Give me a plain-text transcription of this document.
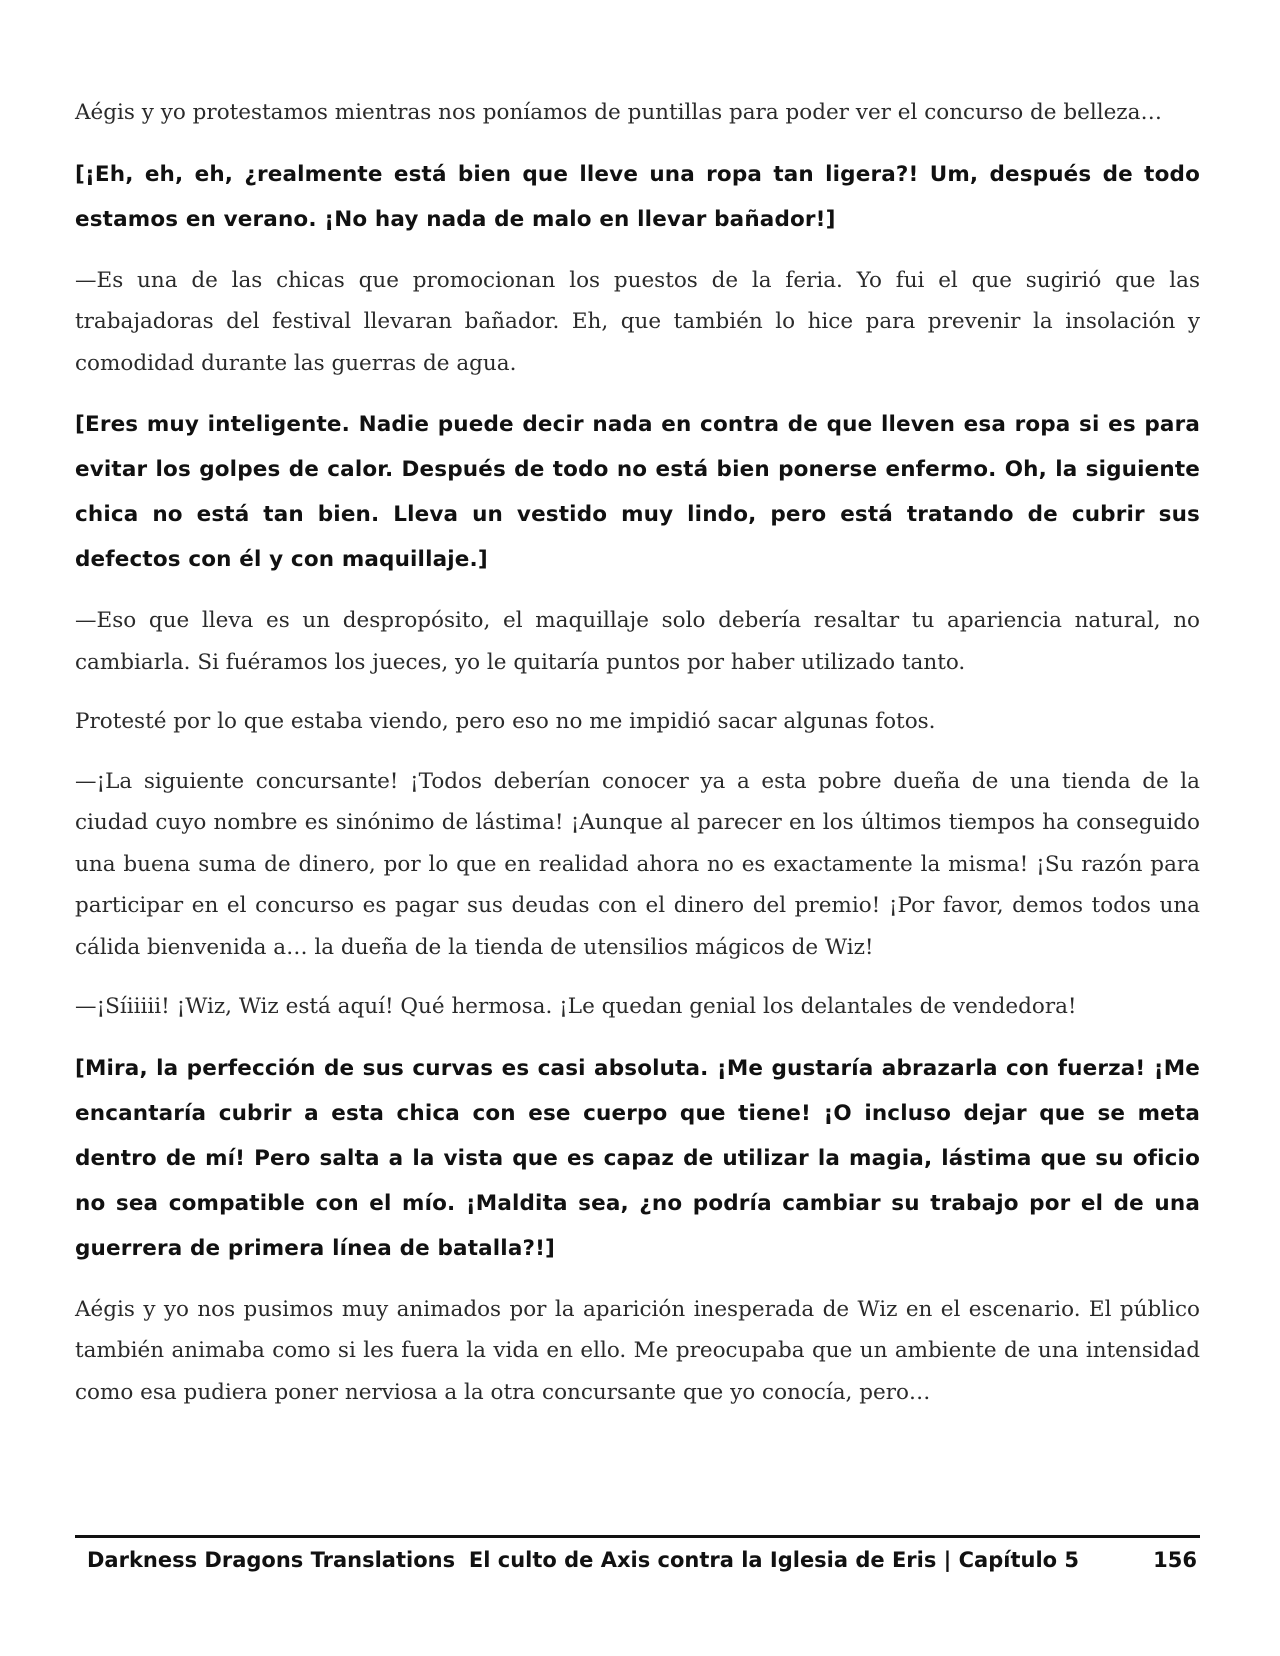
Aégis y yo protestamos mientras nos poníamos de puntillas para poder ver el concurso de belleza…

[¡Eh, eh, eh, ¿realmente está bien que lleve una ropa tan ligera?! Um, después de todo estamos en verano. ¡No hay nada de malo en llevar bañador!]

—Es una de las chicas que promocionan los puestos de la feria. Yo fui el que sugirió que las trabajadoras del festival llevaran bañador. Eh, que también lo hice para prevenir la insolación y comodidad durante las guerras de agua.

[Eres muy inteligente. Nadie puede decir nada en contra de que lleven esa ropa si es para evitar los golpes de calor. Después de todo no está bien ponerse enfermo. Oh, la siguiente chica no está tan bien. Lleva un vestido muy lindo, pero está tratando de cubrir sus defectos con él y con maquillaje.]

—Eso que lleva es un despropósito, el maquillaje solo debería resaltar tu apariencia natural, no cambiarla. Si fuéramos los jueces, yo le quitaría puntos por haber utilizado tanto.

Protesté por lo que estaba viendo, pero eso no me impidió sacar algunas fotos.

—¡La siguiente concursante! ¡Todos deberían conocer ya a esta pobre dueña de una tienda de la ciudad cuyo nombre es sinónimo de lástima! ¡Aunque al parecer en los últimos tiempos ha conseguido una buena suma de dinero, por lo que en realidad ahora no es exactamente la misma! ¡Su razón para participar en el concurso es pagar sus deudas con el dinero del premio! ¡Por favor, demos todos una cálida bienvenida a… la dueña de la tienda de utensilios mágicos de Wiz!

—¡Síiiiii! ¡Wiz, Wiz está aquí! Qué hermosa. ¡Le quedan genial los delantales de vendedora!

[Mira, la perfección de sus curvas es casi absoluta. ¡Me gustaría abrazarla con fuerza! ¡Me encantaría cubrir a esta chica con ese cuerpo que tiene! ¡O incluso dejar que se meta dentro de mí! Pero salta a la vista que es capaz de utilizar la magia, lástima que su oficio no sea compatible con el mío. ¡Maldita sea, ¿no podría cambiar su trabajo por el de una guerrera de primera línea de batalla?!]

Aégis y yo nos pusimos muy animados por la aparición inesperada de Wiz en el escenario. El público también animaba como si les fuera la vida en ello. Me preocupaba que un ambiente de una intensidad como esa pudiera poner nerviosa a la otra concursante que yo conocía, pero…

Darkness Dragons Translations El culto de Axis contra la Iglesia de Eris | Capítulo 5	156
